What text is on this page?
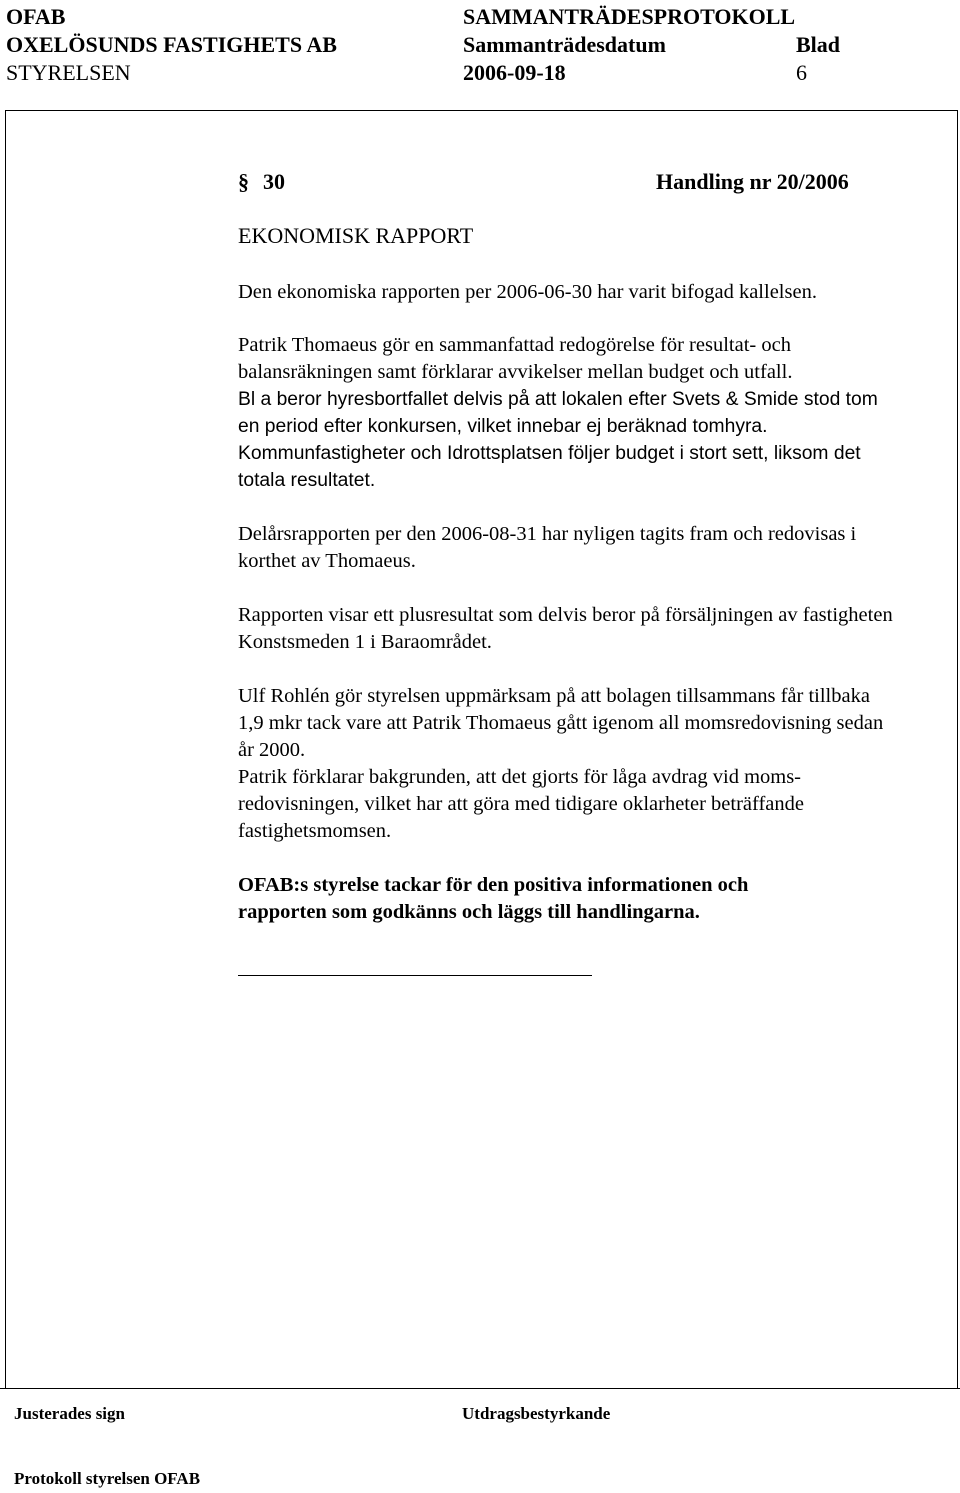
OFAB
OXELÖSUNDS FASTIGHETS AB
STYRELSEN
SAMMANTRÄDESPROTOKOLL
Sammanträdesdatum
2006-09-18
Blad
6
§ 30	Handling nr 20/2006
EKONOMISK RAPPORT

Den ekonomiska rapporten per 2006-06-30 har varit bifogad kallelsen.

Patrik Thomaeus gör en sammanfattad redogörelse för resultat- och

balansräkningen samt förklarar avvikelser mellan budget och utfall.

Bl a beror hyresbortfallet delvis på att lokalen efter Svets & Smide stod tom en period efter konkursen, vilket innebar ej beräknad tomhyra. Kommunfastigheter och Idrottsplatsen följer budget i stort sett, liksom det totala resultatet.

Delårsrapporten per den 2006-08-31 har nyligen tagits fram och redovisas i korthet av Thomaeus.

Rapporten visar ett plusresultat som delvis beror på försäljningen av fastigheten Konstsmeden 1 i Baraområdet.

Ulf Rohlén gör styrelsen uppmärksam på att bolagen tillsammans får tillbaka 1,9 mkr tack vare att Patrik Thomaeus gått igenom all momsredovisning sedan år 2000.

Patrik förklarar bakgrunden, att det gjorts för låga avdrag vid moms-redovisningen, vilket har att göra med tidigare oklarheter beträffande fastighetsmomsen.

OFAB:s styrelse tackar för den positiva informationen och rapporten som godkänns och läggs till handlingarna.

Justerades sign	Utdragsbestyrkande
Protokoll styrelsen OFAB
